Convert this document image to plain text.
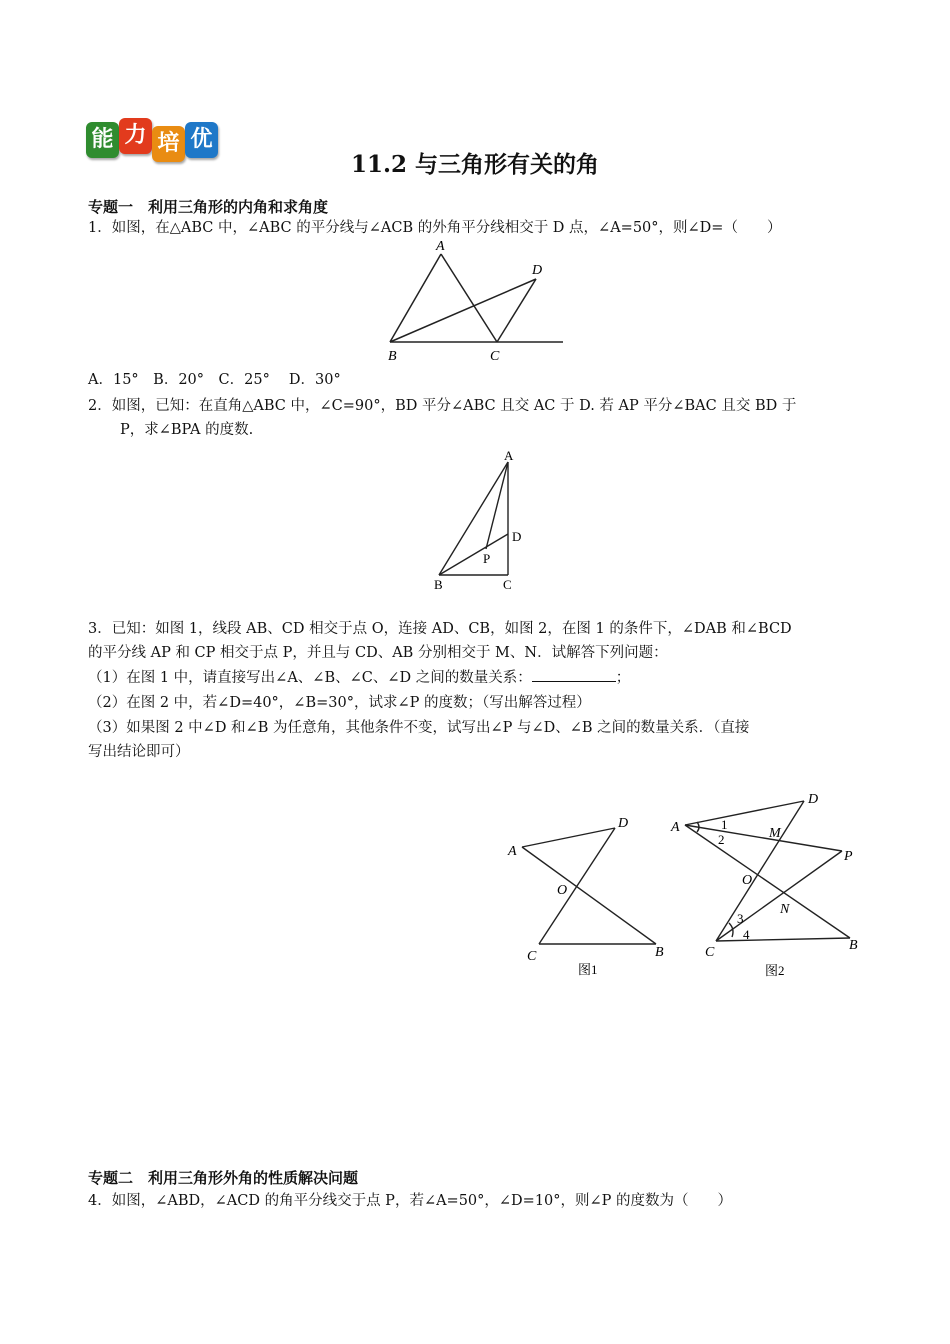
能 力 培 优
11.2 与三角形有关的角
专题一　利用三角形的内角和求角度
1．如图，在△ABC 中，∠ABC 的平分线与∠ACB 的外角平分线相交于 D 点，∠A=50°，则∠D=（　　）
A
B	C
D
A．15°　B．20°　C．25°　 D．30°
2．如图，已知：在直角△ABC 中，∠C=90°，BD 平分∠ABC 且交 AC 于 D. 若 AP 平分∠BAC 且交 BD 于
P，求∠BPA 的度数.
A
B	C
D
P
3．已知：如图 1，线段 AB、CD 相交于点 O，连接 AD、CB，如图 2，在图 1 的条件下，∠DAB 和∠BCD
的平分线 AP 和 CP 相交于点 P，并且与 CD、AB 分别相交于 M、N．试解答下列问题：
（1）在图 1 中，请直接写出∠A、∠B、∠C、∠D 之间的数量关系：	；
（2）在图 2 中，若∠D=40°，∠B=30°，试求∠P 的度数；（写出解答过程）
（3）如果图 2 中∠D 和∠B 为任意角，其他条件不变，试写出∠P 与∠D、∠B 之间的数量关系．（直接
写出结论即可）
A
D
O
C	B
图1
A
D
1
2	M
P
O
N
3
4
C	B
图2
专题二　利用三角形外角的性质解决问题
4．如图，∠ABD，∠ACD 的角平分线交于点 P，若∠A=50°，∠D=10°，则∠P 的度数为（　　）
